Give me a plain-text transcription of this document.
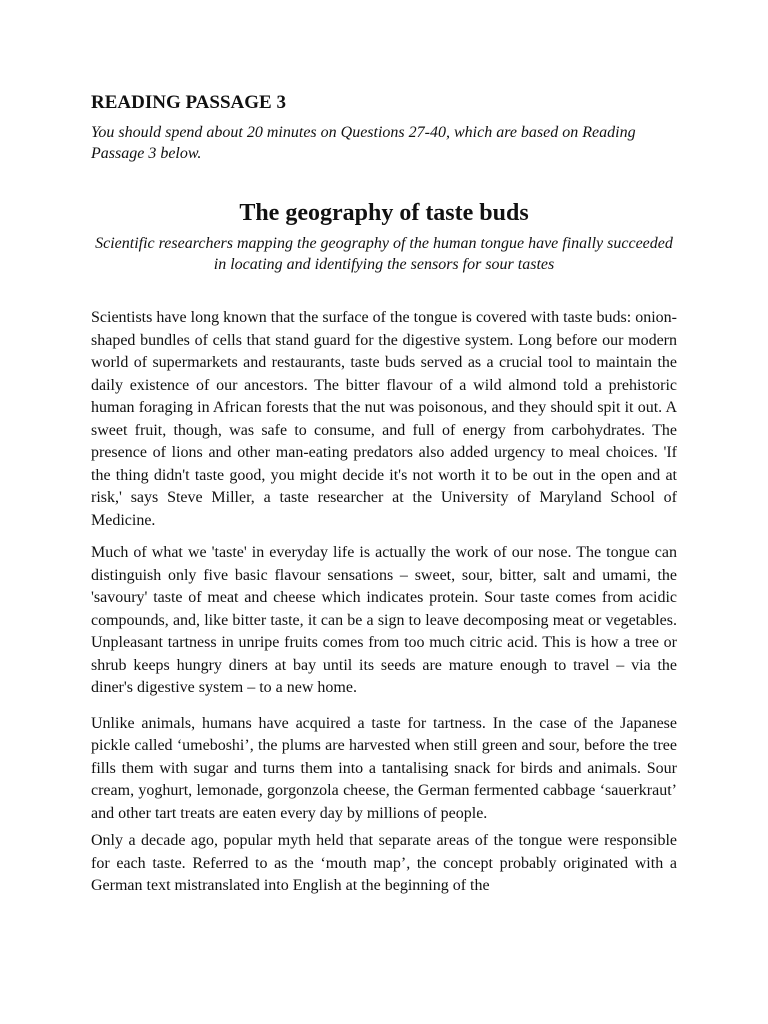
READING PASSAGE 3

You should spend about 20 minutes on Questions 27-40, which are based on Reading Passage 3 below.

The geography of taste buds

Scientific researchers mapping the geography of the human tongue have finally succeeded in locating and identifying the sensors for sour tastes

Scientists have long known that the surface of the tongue is covered with taste buds: onion-shaped bundles of cells that stand guard for the digestive system. Long before our modern world of supermarkets and restaurants, taste buds served as a crucial tool to maintain the daily existence of our ancestors. The bitter flavour of a wild almond told a prehistoric human foraging in African forests that the nut was poisonous, and they should spit it out. A sweet fruit, though, was safe to consume, and full of energy from carbohydrates. The presence of lions and other man-eating predators also added urgency to meal choices. 'If the thing didn't taste good, you might decide it's not worth it to be out in the open and at risk,' says Steve Miller, a taste researcher at the University of Maryland School of Medicine.

Much of what we 'taste' in everyday life is actually the work of our nose. The tongue can distinguish only five basic flavour sensations – sweet, sour, bitter, salt and umami, the 'savoury' taste of meat and cheese which indicates protein. Sour taste comes from acidic compounds, and, like bitter taste, it can be a sign to leave decomposing meat or vegetables. Unpleasant tartness in unripe fruits comes from too much citric acid. This is how a tree or shrub keeps hungry diners at bay until its seeds are mature enough to travel – via the diner's digestive system – to a new home.

Unlike animals, humans have acquired a taste for tartness. In the case of the Japanese pickle called ‘umeboshi’, the plums are harvested when still green and sour, before the tree fills them with sugar and turns them into a tantalising snack for birds and animals. Sour cream, yoghurt, lemonade, gorgonzola cheese, the German fermented cabbage ‘sauerkraut’ and other tart treats are eaten every day by millions of people.

Only a decade ago, popular myth held that separate areas of the tongue were responsible for each taste. Referred to as the ‘mouth map’, the concept probably originated with a German text mistranslated into English at the beginning of the
